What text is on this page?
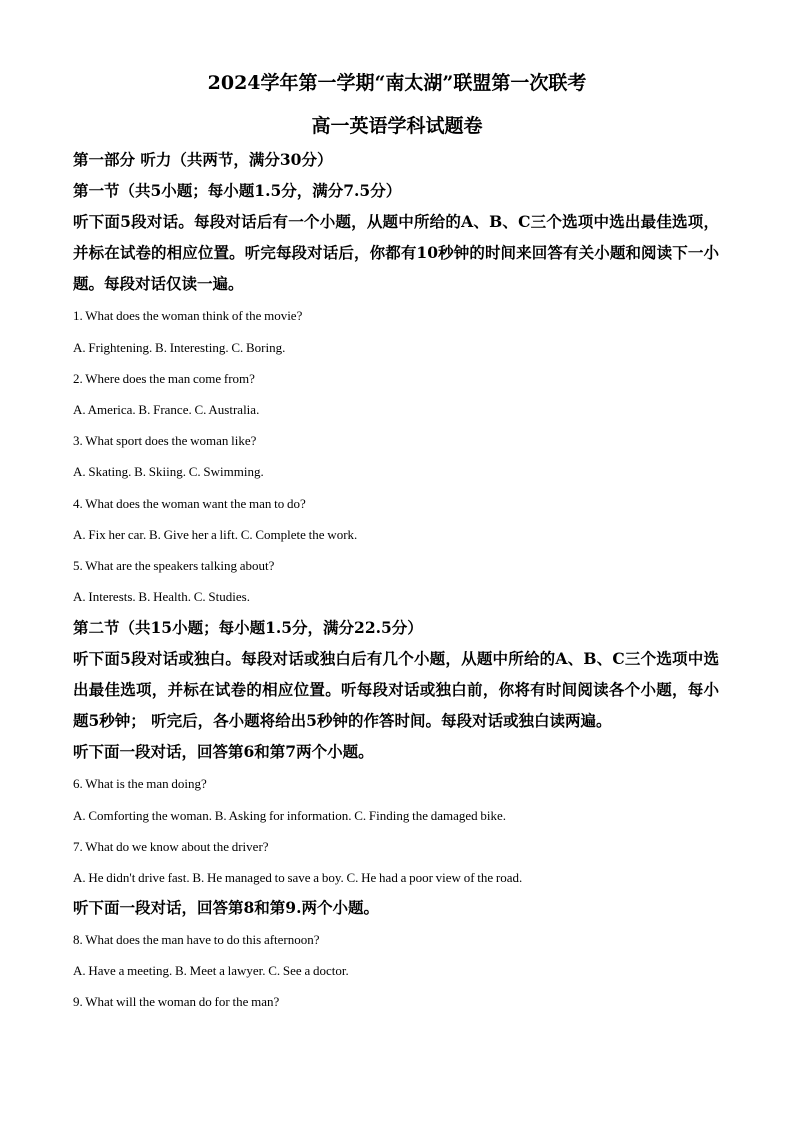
2024学年第一学期“南太湖”联盟第一次联考
高一英语学科试题卷
第一部分 听力（共两节，满分30分）
第一节（共5小题；每小题1.5分，满分7.5分）
听下面5段对话。每段对话后有一个小题，从题中所给的A、B、C三个选项中选出最佳选项，并标在试卷的相应位置。听完每段对话后，你都有10秒钟的时间来回答有关小题和阅读下一小题。每段对话仅读一遍。
1. What does the woman think of the movie?
A. Frightening. B. Interesting. C. Boring.
2. Where does the man come from?
A. America. B. France. C. Australia.
3. What sport does the woman like?
A. Skating. B. Skiing. C. Swimming.
4. What does the woman want the man to do?
A. Fix her car. B. Give her a lift. C. Complete the work.
5. What are the speakers talking about?
A. Interests. B. Health. C. Studies.
第二节（共15小题；每小题1.5分，满分22.5分）
听下面5段对话或独白。每段对话或独白后有几个小题，从题中所给的A、B、C三个选项中选出最佳选项，并标在试卷的相应位置。听每段对话或独白前，你将有时间阅读各个小题，每小题5秒钟； 听完后，各小题将给出5秒钟的作答时间。每段对话或独白读两遍。
听下面一段对话，回答第6和第7两个小题。
6. What is the man doing?
A. Comforting the woman. B. Asking for information. C. Finding the damaged bike.
7. What do we know about the driver?
A. He didn't drive fast. B. He managed to save a boy. C. He had a poor view of the road.
听下面一段对话，回答第8和第9.两个小题。
8. What does the man have to do this afternoon?
A. Have a meeting. B. Meet a lawyer. C. See a doctor.
9. What will the woman do for the man?
